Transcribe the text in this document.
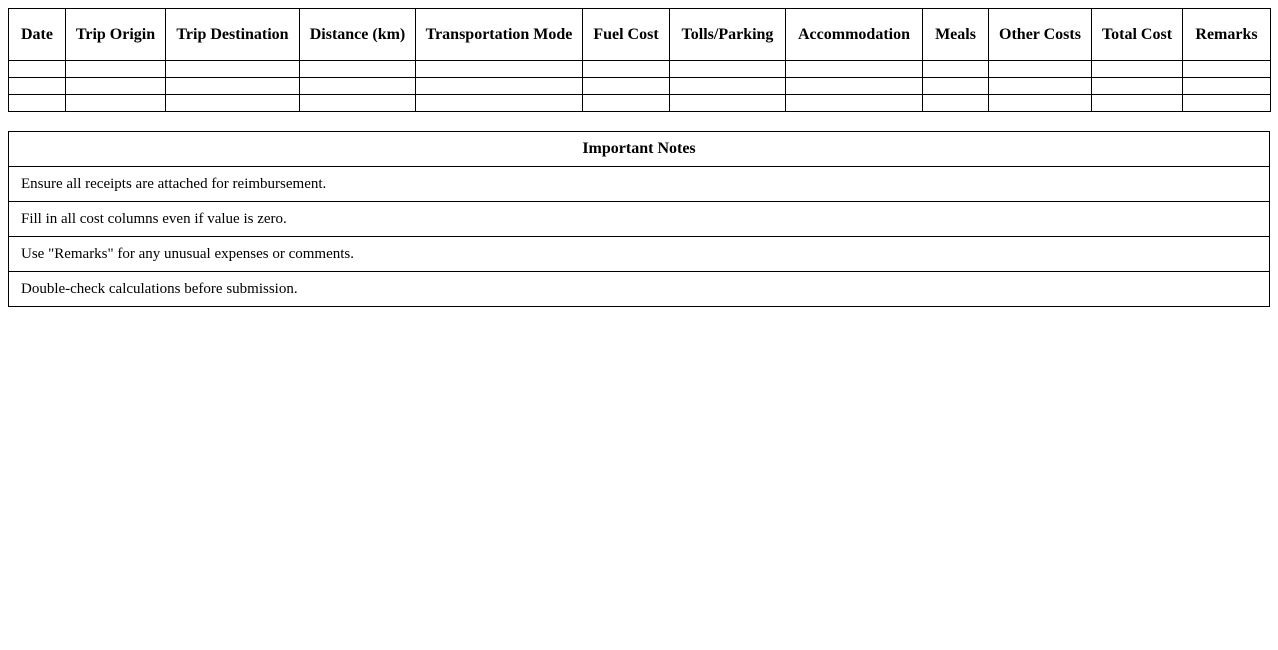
Date	Trip Origin	Trip Destination	Distance (km)	Transportation Mode	Fuel Cost	Tolls/Parking	Accommodation	Meals	Other Costs	Total Cost	Remarks

Important Notes
Ensure all receipts are attached for reimbursement.
Fill in all cost columns even if value is zero.
Use "Remarks" for any unusual expenses or comments.
Double-check calculations before submission.
